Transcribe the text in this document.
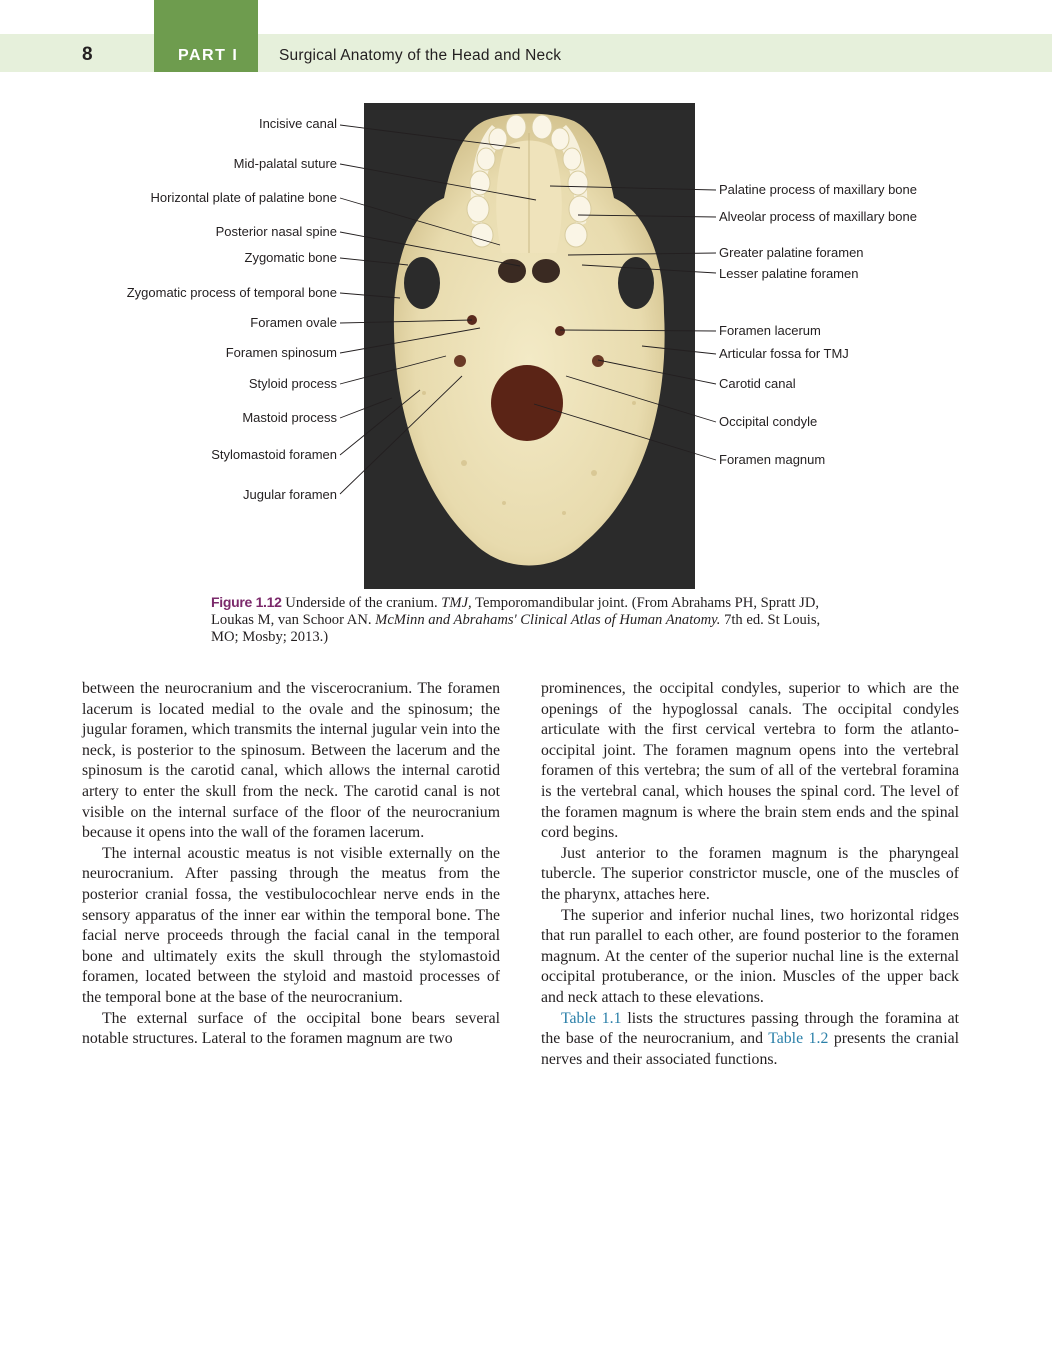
8	PART I	Surgical Anatomy of the Head and Neck
Incisive canal
Mid-palatal suture
Horizontal plate of palatine bone
Posterior nasal spine
Zygomatic bone
Zygomatic process of temporal bone
Foramen ovale
Foramen spinosum
Styloid process
Mastoid process
Stylomastoid foramen
Jugular foramen
Palatine process of maxillary bone
Alveolar process of maxillary bone
Greater palatine foramen
Lesser palatine foramen
Foramen lacerum
Articular fossa for TMJ
Carotid canal
Occipital condyle
Foramen magnum
Figure 1.12 Underside of the cranium. TMJ, Temporomandibular joint. (From Abrahams PH, Spratt JD, Loukas M, van Schoor AN. McMinn and Abrahams' Clinical Atlas of Human Anatomy. 7th ed. St Louis, MO; Mosby; 2013.)

between the neurocranium and the viscerocranium. The foramen lacerum is located medial to the ovale and the spinosum; the jugular foramen, which transmits the internal jugular vein into the neck, is posterior to the spinosum. Between the lacerum and the spinosum is the carotid canal, which allows the internal carotid artery to enter the skull from the neck. The carotid canal is not visible on the internal surface of the floor of the neurocranium because it opens into the wall of the foramen lacerum.

The internal acoustic meatus is not visible externally on the neurocranium. After passing through the meatus from the posterior cranial fossa, the vestibulocochlear nerve ends in the sensory apparatus of the inner ear within the temporal bone. The facial nerve proceeds through the facial canal in the temporal bone and ultimately exits the skull through the stylomastoid foramen, located between the styloid and mastoid processes of the temporal bone at the base of the neurocranium.

The external surface of the occipital bone bears several notable structures. Lateral to the foramen magnum are two

prominences, the occipital condyles, superior to which are the openings of the hypoglossal canals. The occipital condyles articulate with the first cervical vertebra to form the atlanto-occipital joint. The foramen magnum opens into the vertebral foramen of this vertebra; the sum of all of the vertebral foramina is the vertebral canal, which houses the spinal cord. The level of the foramen magnum is where the brain stem ends and the spinal cord begins.

Just anterior to the foramen magnum is the pharyngeal tubercle. The superior constrictor muscle, one of the muscles of the pharynx, attaches here.

The superior and inferior nuchal lines, two horizontal ridges that run parallel to each other, are found posterior to the foramen magnum. At the center of the superior nuchal line is the external occipital protuberance, or the inion. Muscles of the upper back and neck attach to these elevations.

Table 1.1 lists the structures passing through the foramina at the base of the neurocranium, and Table 1.2 presents the cranial nerves and their associated functions.
